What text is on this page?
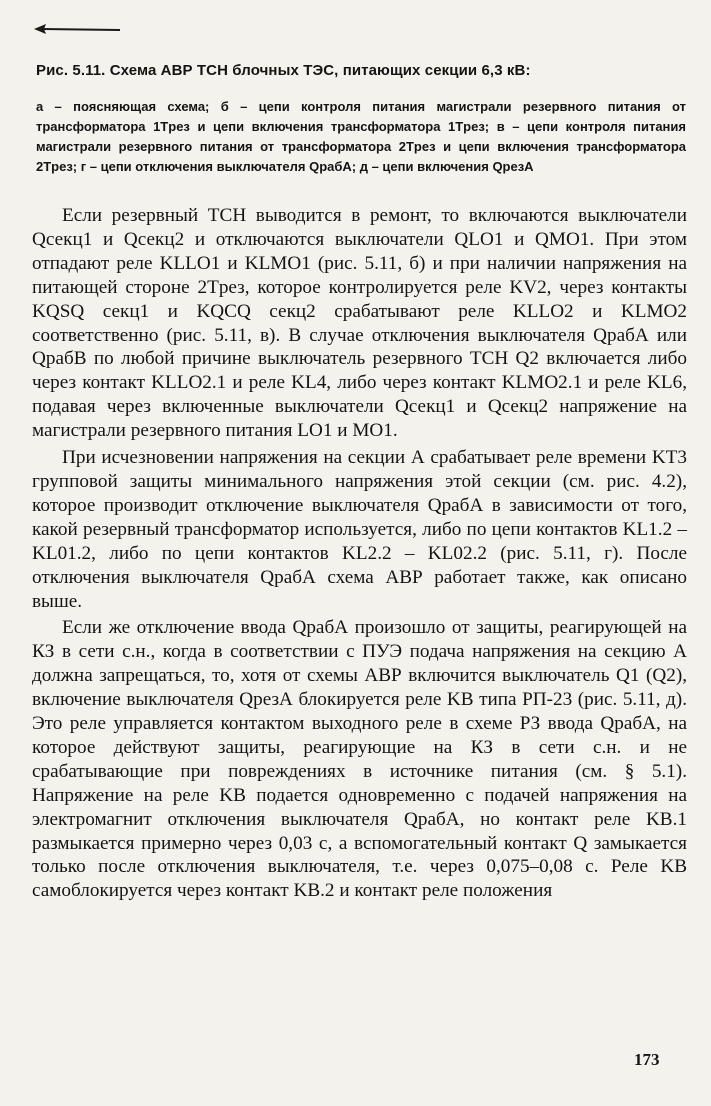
Рис. 5.11. Схема АВР ТСН блочных ТЭС, питающих секции 6,3 кВ:

а – поясняющая схема; б – цепи контроля питания магистрали резервного питания от трансформатора 1Tрез и цепи включения трансформатора 1Tрез; в – цепи контроля питания магистрали резервного питания от трансформатора 2Tрез и цепи включения трансформатора 2Tрез; г – цепи отключения выключателя QрабА; д – цепи включения QрезА

Если резервный ТСН выводится в ремонт, то включаются выключатели Qсекц1 и Qсекц2 и отключаются выключатели QLO1 и QMO1. При этом отпадают реле KLLO1 и KLMO1 (рис. 5.11, б) и при наличии напряжения на питающей стороне 2Tрез, которое контролируется реле KV2, через контакты KQSQ секц1 и KQCQ секц2 срабатывают реле KLLO2 и KLMO2 соответственно (рис. 5.11, в). В случае отключения выключателя QрабА или QрабВ по любой причине выключатель резервного ТСН Q2 включается либо через контакт KLLO2.1 и реле KL4, либо через контакт KLMO2.1 и реле KL6, подавая через включенные выключатели Qсекц1 и Qсекц2 напряжение на магистрали резервного питания LO1 и MO1.

При исчезновении напряжения на секции А срабатывает реле времени KT3 групповой защиты минимального напряжения этой секции (см. рис. 4.2), которое производит отключение выключателя QрабА в зависимости от того, какой резервный трансформатор используется, либо по цепи контактов KL1.2 – KL01.2, либо по цепи контактов KL2.2 – KL02.2 (рис. 5.11, г). После отключения выключателя QрабА схема АВР работает также, как описано выше.

Если же отключение ввода QрабА произошло от защиты, реагирующей на КЗ в сети с.н., когда в соответствии с ПУЭ подача напряжения на секцию А должна запрещаться, то, хотя от схемы АВР включится выключатель Q1 (Q2), включение выключателя QрезА блокируется реле KB типа РП-23 (рис. 5.11, д). Это реле управляется контактом выходного реле в схеме РЗ ввода QрабА, на которое действуют защиты, реагирующие на КЗ в сети с.н. и не срабатывающие при повреждениях в источнике питания (см. § 5.1). Напряжение на реле KB подается одновременно с подачей напряжения на электромагнит отключения выключателя QрабА, но контакт реле KB.1 размыкается примерно через 0,03 с, а вспомогательный контакт Q замыкается только после отключения выключателя, т.е. через 0,075–0,08 с. Реле KB самоблокируется через контакт KB.2 и контакт реле положения

173
